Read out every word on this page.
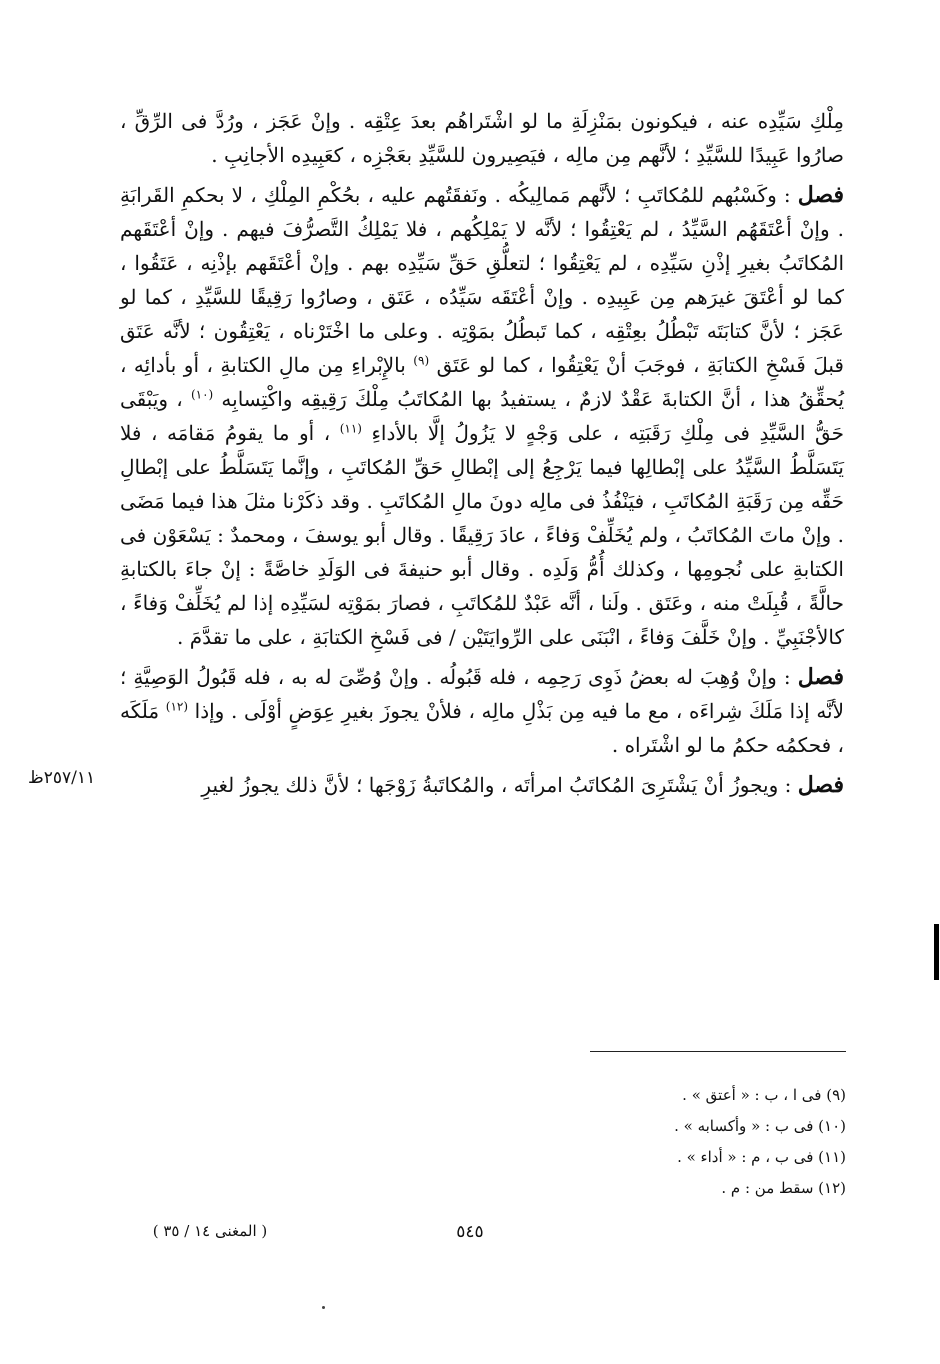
مِلْكِ سَيِّدِه عنه ، فيكونون بمَنْزِلَةِ ما لو اشْتَراهُم بعدَ عِتْقِه . وإنْ عَجَز ، ورُدَّ فى الرِّقِّ ، صارُوا عَبِيدًا للسَّيِّدِ ؛ لأنَّهم مِن مالِه ، فيَصِيرون للسَّيِّدِ بعَجْزِه ، كعَبِيدِه الأجانِبِ .

فصل : وكَسْبُهم للمُكاتَبِ ؛ لأنَّهم مَمالِيكُه . ونَفقَتُهم عليه ، بحُكْمِ المِلْكِ ، لا بحكمِ القَرابَةِ . وإنْ أعْتَقَهُم السَّيِّدُ ، لم يَعْتِقُوا ؛ لأنَّه لا يَمْلِكُهم ، فلا يَمْلِكُ التَّصرُّفَ فيهم . وإنْ أعْتَقَهم المُكاتَبُ بغيرِ إذْنِ سَيِّدِه ، لم يَعْتِقُوا ؛ لتعلُّقِ حَقِّ سَيِّدِه بهم . وإنْ أعْتَقَهم بإذْنِه ، عَتَقُوا ، كما لو أعْتَقَ غيرَهم مِن عَبِيدِه . وإنْ أعْتَقَه سَيِّدُه ، عَتَق ، وصارُوا رَقِيقًا للسَّيِّدِ ، كما لو عَجَز ؛ لأنَّ كتابَتَه تَبْطُلُ بعِتْقِه ، كما تَبطُلُ بمَوْتِه . وعلى ما اخْتَرْناه ، يَعْتِقُون ؛ لأنَّه عَتَق قبلَ فَسْخِ الكتابَةِ ، فوجَبَ أنْ يَعْتِقُوا ، كما لو عَتَق $^{(٩)}$ بالإِبْراءِ مِن مالِ الكتابةِ ، أو بأدائِه ، يُحقِّقُ هذا ، أنَّ الكتابةَ عَقْدٌ لازمٌ ، يستفيدُ بها المُكاتَبُ مِلْكَ رَقِيقِه واكْتِسابِه $^{(١٠)}$ ، ويَبْقَى حَقُّ السَّيِّدِ فى مِلْكِ رَقَبَتِه ، على وَجْهٍ لا يَزُولُ إلَّا بالأداءِ $^{(١١)}$ ، أو ما يقومُ مَقامَه ، فلا يَتَسَلَّطُ السَّيِّدُ على إبْطالِها فيما يَرْجِعُ إلى إبْطالِ حَقِّ المُكاتَبِ ، وإنَّما يَتَسَلَّطُ على إبْطالِ حَقِّه مِن رَقَبَةِ المُكاتَبِ ، فيَنْفُذُ فى مالِه دونَ مالِ المُكاتَبِ . وقد ذكَرْنا مثلَ هذا فيما مَضَى . وإنْ ماتَ المُكاتَبُ ، ولم يُخَلِّفْ وَفاءً ، عادَ رَقِيقًا . وقال أبو يوسفَ ، ومحمدٌ : يَسْعَوْن فى الكتابةِ على نُجومِها ، وكذلك أُمُّ وَلَدِه . وقال أبو حنيفةَ فى الوَلَدِ خاصَّةً : إنْ جاءَ بالكتابةِ حالَّةً ، قُبِلَتْ منه ، وعَتَق . ولَنا ، أنَّه عَبْدٌ للمُكاتَبِ ، فصارَ بمَوْتِه لسَيِّدِه إذا لم يُخَلِّفْ وَفاءً ، كالأجْنَبِيِّ . وإنْ خَلَّفَ وَفاءً ، انْبَنَى على الرِّوايَتَيْن / فى فَسْخِ الكتابَةِ ، على ما تقدَّمَ .

فصل : وإنْ وُهِبَ له بعضُ ذَوِى رَحِمِه ، فله قَبُولُه . وإنْ وُصِّىَ له به ، فله قَبُولُ الوَصِيَّةِ ؛ لأنَّه إذا مَلَكَ شِراءَه ، مع ما فيه مِن بَذْلِ مالِه ، فلأنْ يجوزَ بغيرِ عِوَضٍ أوْلَى . وإذا $^{(١٢)}$ مَلَكَه ، فحكمُه حكمُ ما لو اشْتَراه .

فصل : ويجوزُ أنْ يَشْتَرِىَ المُكاتَبُ امرأتَه ، والمُكاتَبةُ زَوْجَها ؛ لأنَّ ذلك يجوزُ لغيرِ

٢٥٧/١١ظ

(٩) فى ا ، ب : « أعتق » .

(١٠) فى ب : « وأكسابه » .

(١١) فى ب ، م : « أداء » .

(١٢) سقط من : م .

٥٤٥
( المغنى ١٤ / ٣٥ )
